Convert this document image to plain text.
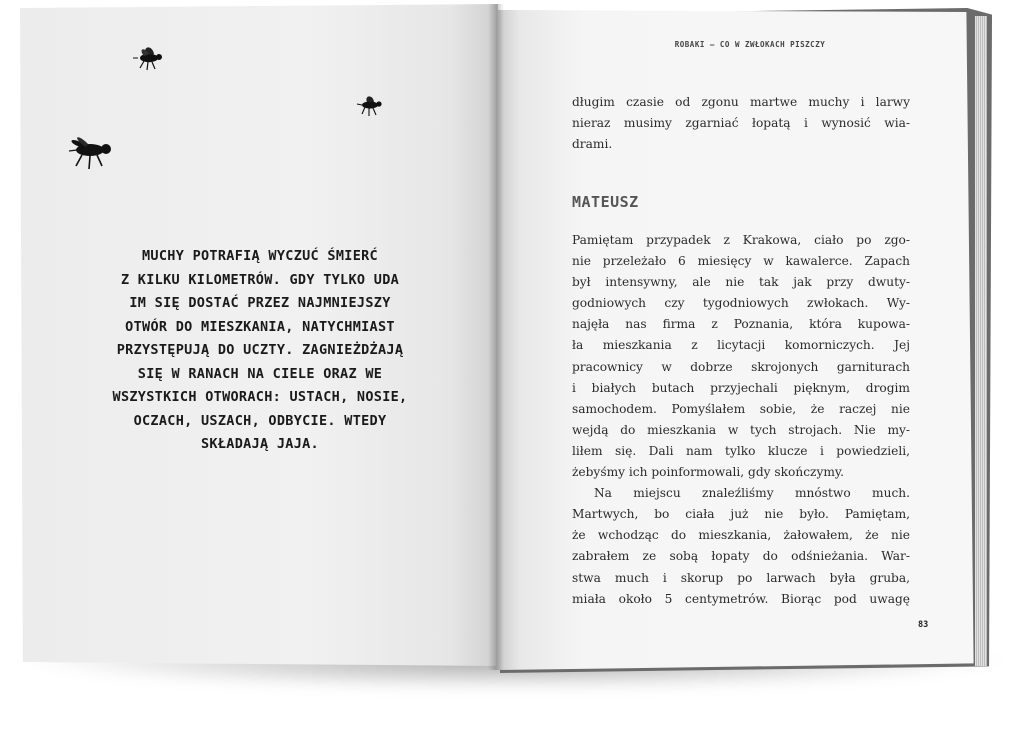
MUCHY POTRAFIĄ WYCZUĆ ŚMIERĆ
Z KILKU KILOMETRÓW. GDY TYLKO UDA
IM SIĘ DOSTAĆ PRZEZ NAJMNIEJSZY
OTWÓR DO MIESZKANIA, NATYCHMIAST
PRZYSTĘPUJĄ DO UCZTY. ZAGNIEŻDŻAJĄ
SIĘ W RANACH NA CIELE ORAZ WE
WSZYSTKICH OTWORACH: USTACH, NOSIE,
OCZACH, USZACH, ODBYCIE. WTEDY
SKŁADAJĄ JAJA.
ROBAKI – CO W ZWŁOKACH PISZCZY
długim czasie od zgonu martwe muchy i larwy
nieraz musimy zgarniać łopatą i wynosić wia-
drami.
MATEUSZ
Pamiętam przypadek z Krakowa, ciało po zgo-
nie przeleżało 6 miesięcy w kawalerce. Zapach
był intensywny, ale nie tak jak przy dwuty-
godniowych czy tygodniowych zwłokach. Wy-
najęła nas firma z Poznania, która kupowa-
ła mieszkania z licytacji komorniczych. Jej
pracownicy w dobrze skrojonych garniturach
i białych butach przyjechali pięknym, drogim
samochodem. Pomyślałem sobie, że raczej nie
wejdą do mieszkania w tych strojach. Nie my-
liłem się. Dali nam tylko klucze i powiedzieli,
żebyśmy ich poinformowali, gdy skończymy.
Na miejscu znaleźliśmy mnóstwo much.
Martwych, bo ciała już nie było. Pamiętam,
że wchodząc do mieszkania, żałowałem, że nie
zabrałem ze sobą łopaty do odśnieżania. War-
stwa much i skorup po larwach była gruba,
miała około 5 centymetrów. Biorąc pod uwagę
83
